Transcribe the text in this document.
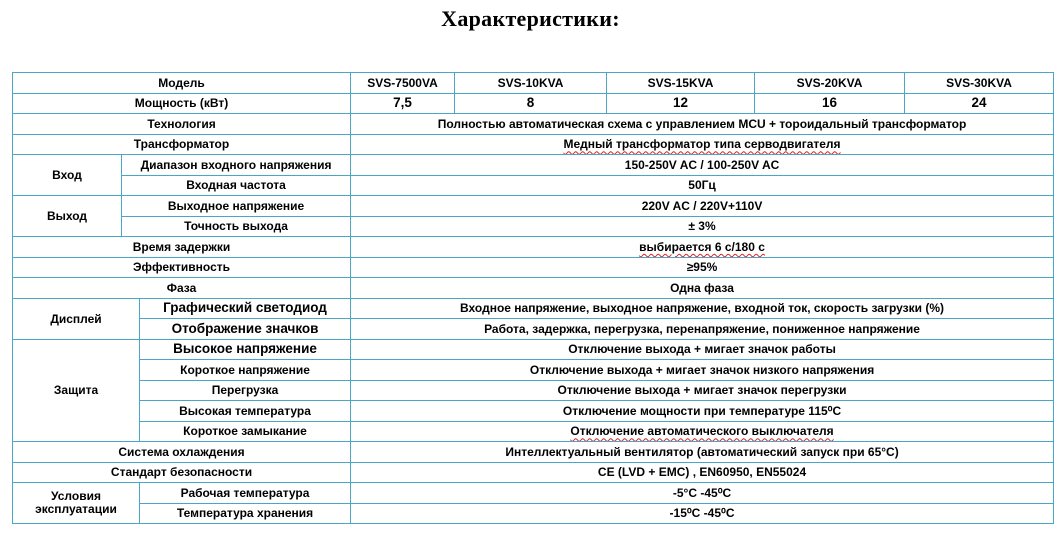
Характеристики:
Модель			SVS-7500VA	SVS-10KVA	SVS-15KVA	SVS-20KVA	SVS-30KVA
Мощность (кВт)			7,5	8	12	16	24
Технология			Полностью автоматическая схема с управлением MCU + тороидальный трансформатор				
Трансформатор			Медный трансформатор типа серводвигателя				
Вход	Диапазон входного напряжения		150-250V AC / 100-250V AC				
	Входная частота		50Гц				
Выход	Выходное напряжение		220V AC / 220V+110V				
	Точность выхода		± 3%				
Время задержки			выбирается 6 с/180 с				
Эффективность			≥95%				
Фаза			Одна фаза				
Дисплей		Графический светодиод	Входное напряжение, выходное напряжение, входной ток, скорость загрузки (%)				
		Отображение значков	Работа, задержка, перегрузка, перенапряжение, пониженное напряжение				
Защита		Высокое напряжение	Отключение выхода + мигает значок работы				
		Короткое напряжение	Отключение выхода + мигает значок низкого напряжения				
		Перегрузка	Отключение выхода + мигает значок перегрузки				
		Высокая температура	Отключение мощности при температуре 115⁰C				
		Короткое замыкание	Отключение автоматического выключателя				
Система охлаждения			Интеллектуальный вентилятор (автоматический запуск при 65°C)				
Стандарт безопасности			CE (LVD + EMC) , EN60950, EN55024				
Условия эксплуатации		Рабочая температура	-5°C -45⁰C				
		Температура хранения	-15⁰C -45⁰C				
